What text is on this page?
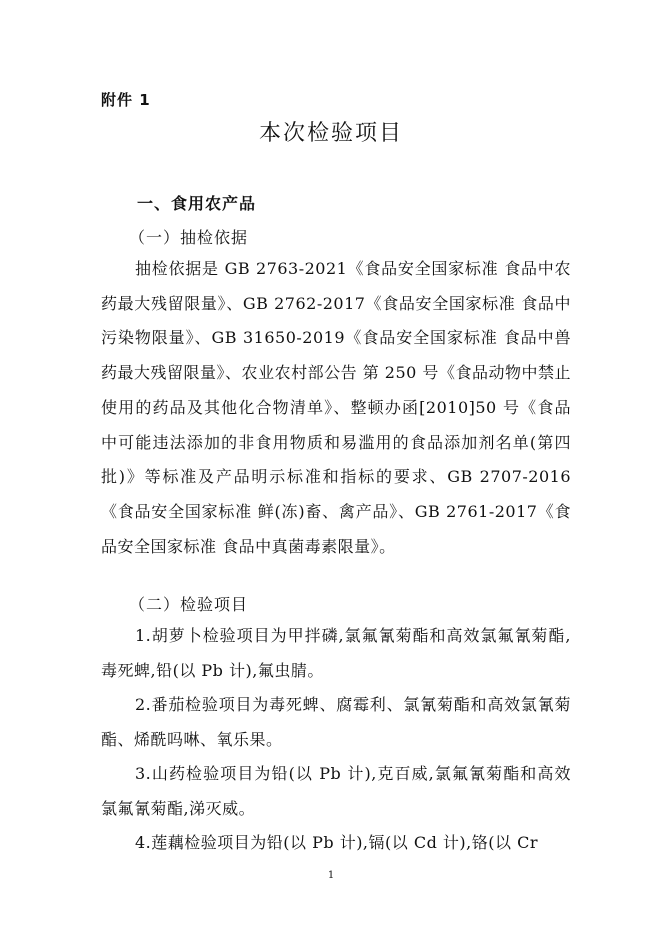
附件 1
本次检验项目
一、食用农产品
（一）抽检依据
抽检依据是 GB 2763-2021《食品安全国家标准 食品中农药最大残留限量》、GB 2762-2017《食品安全国家标准 食品中污染物限量》、GB 31650-2019《食品安全国家标准 食品中兽药最大残留限量》、农业农村部公告 第 250 号《食品动物中禁止使用的药品及其他化合物清单》、整顿办函[2010]50 号《食品中可能违法添加的非食用物质和易滥用的食品添加剂名单(第四批)》等标准及产品明示标准和指标的要求、GB 2707-2016《食品安全国家标准 鲜(冻)畜、禽产品》、GB 2761-2017《食品安全国家标准 食品中真菌毒素限量》。
（二）检验项目
1.胡萝卜检验项目为甲拌磷,氯氟氰菊酯和高效氯氟氰菊酯,毒死蜱,铅(以 Pb 计),氟虫腈。
2.番茄检验项目为毒死蜱、腐霉利、氯氰菊酯和高效氯氰菊酯、烯酰吗啉、氧乐果。
3.山药检验项目为铅(以 Pb 计),克百威,氯氟氰菊酯和高效氯氟氰菊酯,涕灭威。
4.莲藕检验项目为铅(以 Pb 计),镉(以 Cd 计),铬(以 Cr
1
